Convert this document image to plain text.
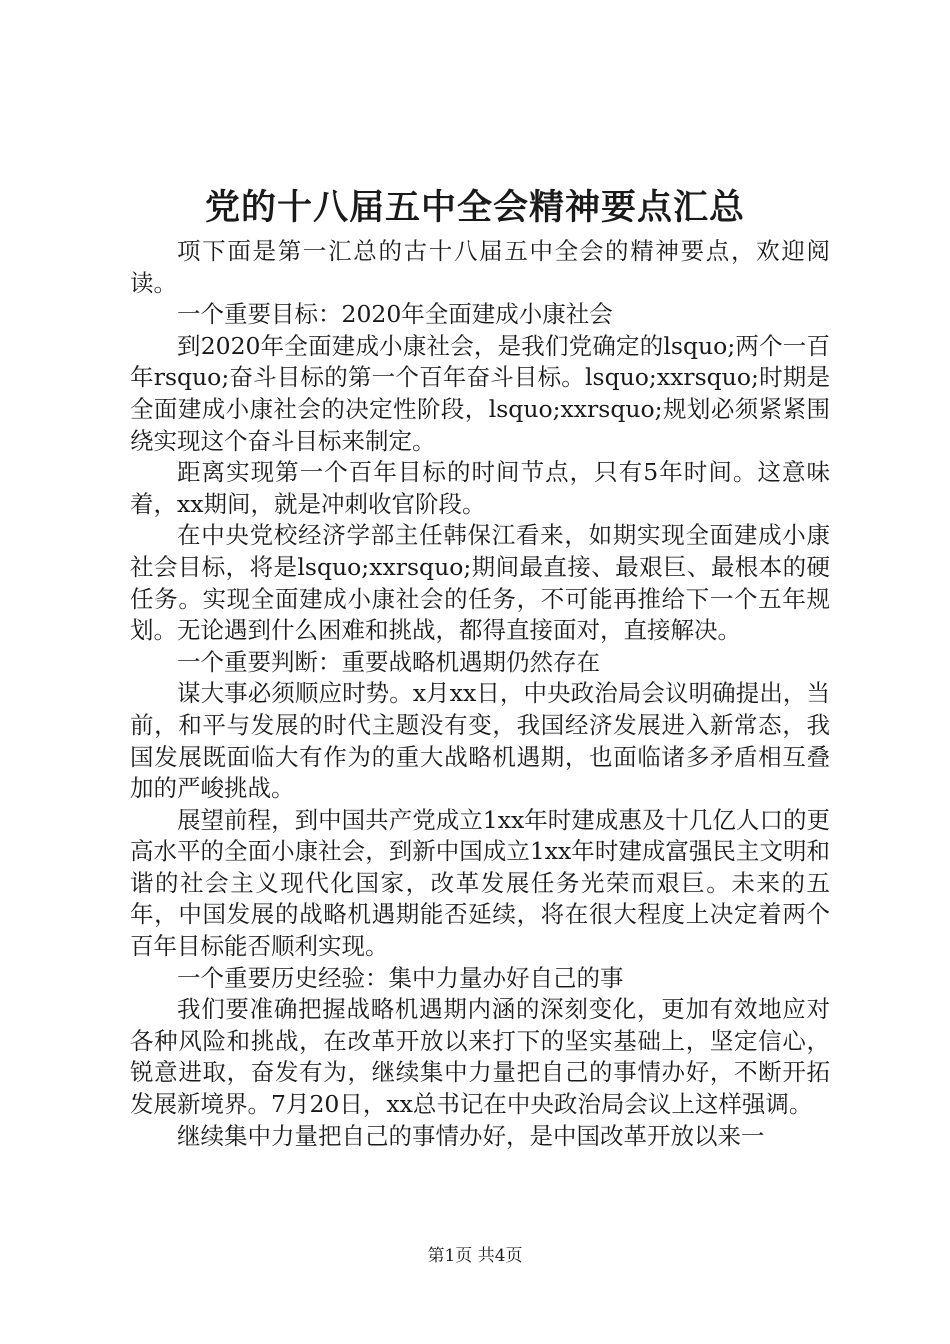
党的十八届五中全会精神要点汇总

项下面是第一汇总的古十八届五中全会的精神要点，欢迎阅读。

一个重要目标：2020年全面建成小康社会

到2020年全面建成小康社会，是我们党确定的lsquo;两个一百年rsquo;奋斗目标的第一个百年奋斗目标。lsquo;xxrsquo;时期是全面建成小康社会的决定性阶段，lsquo;xxrsquo;规划必须紧紧围绕实现这个奋斗目标来制定。

距离实现第一个百年目标的时间节点，只有5年时间。这意味着，xx期间，就是冲刺收官阶段。

在中央党校经济学部主任韩保江看来，如期实现全面建成小康社会目标，将是lsquo;xxrsquo;期间最直接、最艰巨、最根本的硬任务。实现全面建成小康社会的任务，不可能再推给下一个五年规划。无论遇到什么困难和挑战，都得直接面对，直接解决。

一个重要判断：重要战略机遇期仍然存在

谋大事必须顺应时势。x月xx日，中央政治局会议明确提出，当前，和平与发展的时代主题没有变，我国经济发展进入新常态，我国发展既面临大有作为的重大战略机遇期，也面临诸多矛盾相互叠加的严峻挑战。

展望前程，到中国共产党成立1xx年时建成惠及十几亿人口的更高水平的全面小康社会，到新中国成立1xx年时建成富强民主文明和谐的社会主义现代化国家，改革发展任务光荣而艰巨。未来的五年，中国发展的战略机遇期能否延续，将在很大程度上决定着两个百年目标能否顺利实现。

一个重要历史经验：集中力量办好自己的事

我们要准确把握战略机遇期内涵的深刻变化，更加有效地应对各种风险和挑战，在改革开放以来打下的坚实基础上，坚定信心，锐意进取，奋发有为，继续集中力量把自己的事情办好，不断开拓发展新境界。7月20日，xx总书记在中央政治局会议上这样强调。

继续集中力量把自己的事情办好，是中国改革开放以来一

第1页 共4页
